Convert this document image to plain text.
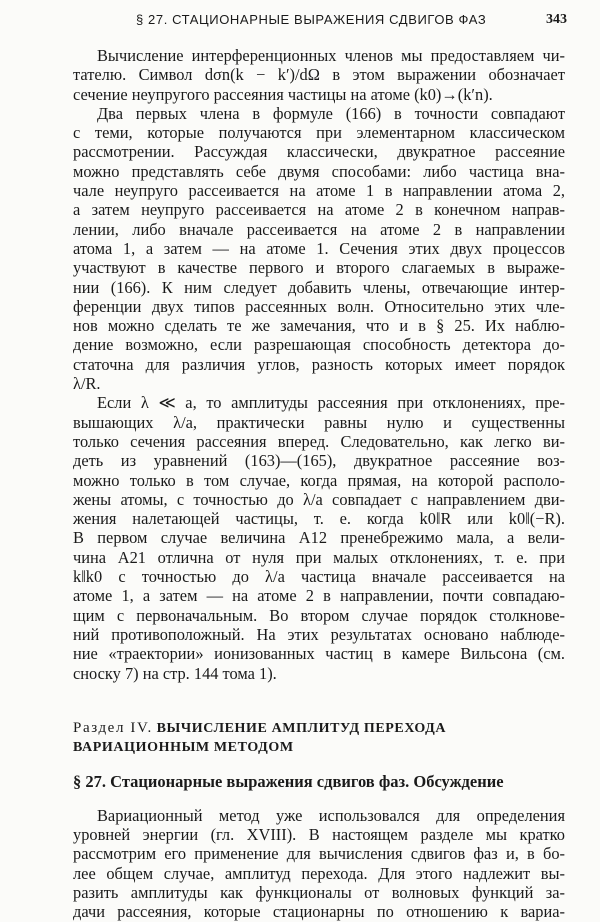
§ 27. СТАЦИОНАРНЫЕ ВЫРАЖЕНИЯ СДВИГОВ ФАЗ	343
Вычисление интерференционных членов мы предоставляем чи-
тателю. Символ dσn(k − k′)/dΩ в этом выражении обозначает
сечение неупругого рассеяния частицы на атоме (k0)→(k′n).
Два первых члена в формуле (166) в точности совпадают
с теми, которые получаются при элементарном классическом
рассмотрении. Рассуждая классически, двукратное рассеяние
можно представлять себе двумя способами: либо частица вна-
чале неупруго рассеивается на атоме 1 в направлении атома 2,
а затем неупруго рассеивается на атоме 2 в конечном направ-
лении, либо вначале рассеивается на атоме 2 в направлении
атома 1, а затем — на атоме 1. Сечения этих двух процессов
участвуют в качестве первого и второго слагаемых в выраже-
нии (166). К ним следует добавить члены, отвечающие интер-
ференции двух типов рассеянных волн. Относительно этих чле-
нов можно сделать те же замечания, что и в § 25. Их наблю-
дение возможно, если разрешающая способность детектора до-
статочна для различия углов, разность которых имеет порядок
λ/R.
Если λ ≪ a, то амплитуды рассеяния при отклонениях, пре-
вышающих λ/a, практически равны нулю и существенны
только сечения рассеяния вперед. Следовательно, как легко ви-
деть из уравнений (163)—(165), двукратное рассеяние воз-
можно только в том случае, когда прямая, на которой располо-
жены атомы, с точностью до λ/a совпадает с направлением дви-
жения налетающей частицы, т. е. когда k0‖R или k0‖(−R).
В первом случае величина A12 пренебрежимо мала, а вели-
чина A21 отлична от нуля при малых отклонениях, т. е. при
k‖k0 с точностью до λ/a частица вначале рассеивается на
атоме 1, а затем — на атоме 2 в направлении, почти совпадаю-
щим с первоначальным. Во втором случае порядок столкнове-
ний противоположный. На этих результатах основано наблюде-
ние «траектории» ионизованных частиц в камере Вильсона (см.
сноску 7) на стр. 144 тома 1).
Раздел IV. ВЫЧИСЛЕНИЕ АМПЛИТУД ПЕРЕХОДА
ВАРИАЦИОННЫМ МЕТОДОМ
§ 27. Стационарные выражения сдвигов фаз. Обсуждение
Вариационный метод уже использовался для определения
уровней энергии (гл. XVIII). В настоящем разделе мы кратко
рассмотрим его применение для вычисления сдвигов фаз и, в бо-
лее общем случае, амплитуд перехода. Для этого надлежит вы-
разить амплитуды как функционалы от волновых функций за-
дачи рассеяния, которые стационарны по отношению к вариа-
